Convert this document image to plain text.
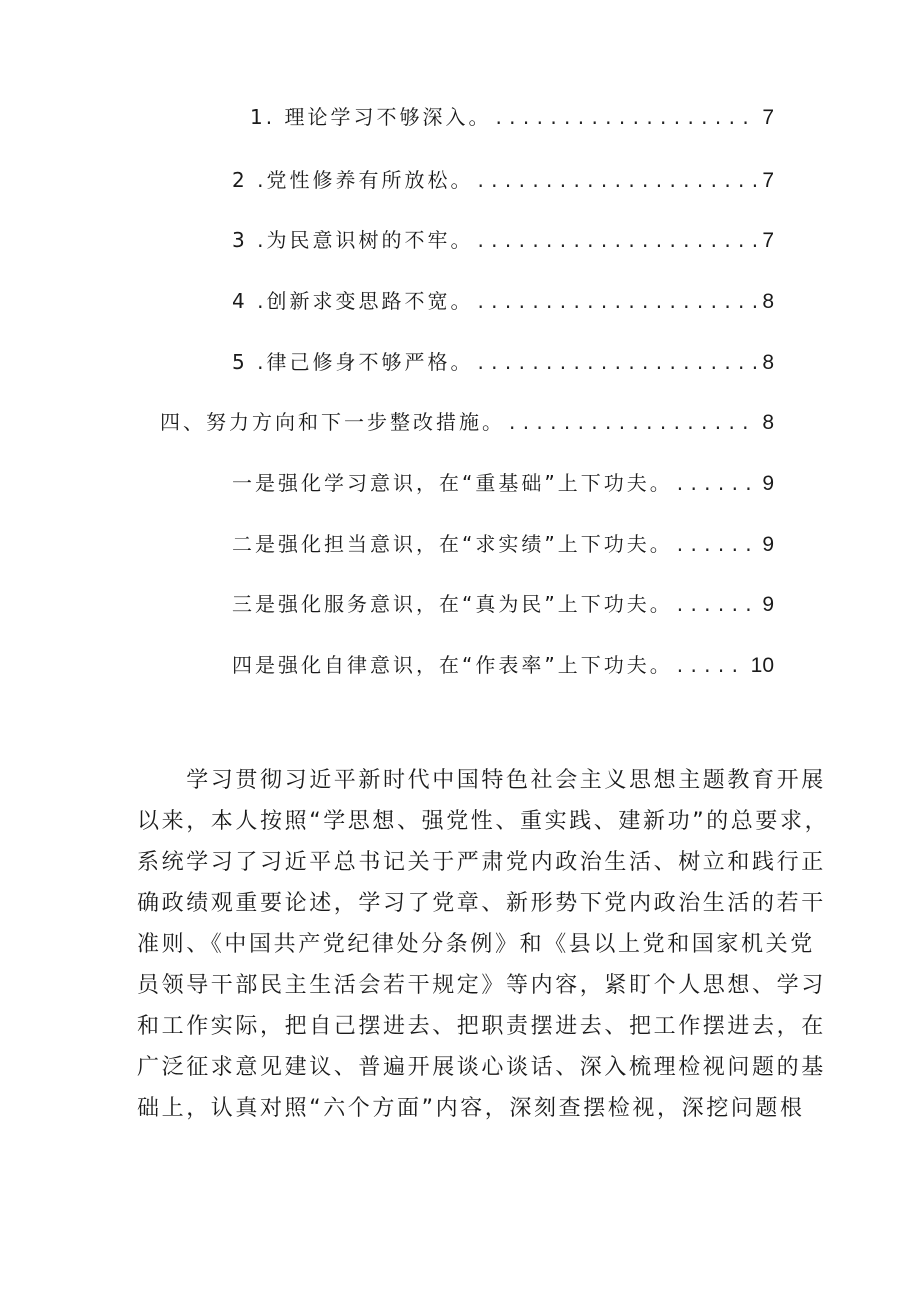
1. 理论学习不够深入。 . . .	7
2 .党性修养有所放松。 . . .	7
3 .为民意识树的不牢。 . . .	7
4 .创新求变思路不宽。 . . .	8
5 .律己修身不够严格。 . . .	8
四、努力方向和下一步整改措施。 . . .	8
一是强化学习意识，在“重基础”上下功夫。 . . .	9
二是强化担当意识，在“求实绩”上下功夫。 . . .	9
三是强化服务意识，在“真为民”上下功夫。 . . .	9
四是强化自律意识，在“作表率”上下功夫。 . . .	10
　　学习贯彻习近平新时代中国特色社会主义思想主题教育开展
以来，本人按照“学思想、强党性、重实践、建新功”的总要求，
系统学习了习近平总书记关于严肃党内政治生活、树立和践行正
确政绩观重要论述，学习了党章、新形势下党内政治生活的若干
准则、《中国共产党纪律处分条例》和《县以上党和国家机关党
员领导干部民主生活会若干规定》等内容，紧盯个人思想、学习
和工作实际，把自己摆进去、把职责摆进去、把工作摆进去，在
广泛征求意见建议、普遍开展谈心谈话、深入梳理检视问题的基
础上，认真对照“六个方面”内容，深刻查摆检视，深挖问题根
